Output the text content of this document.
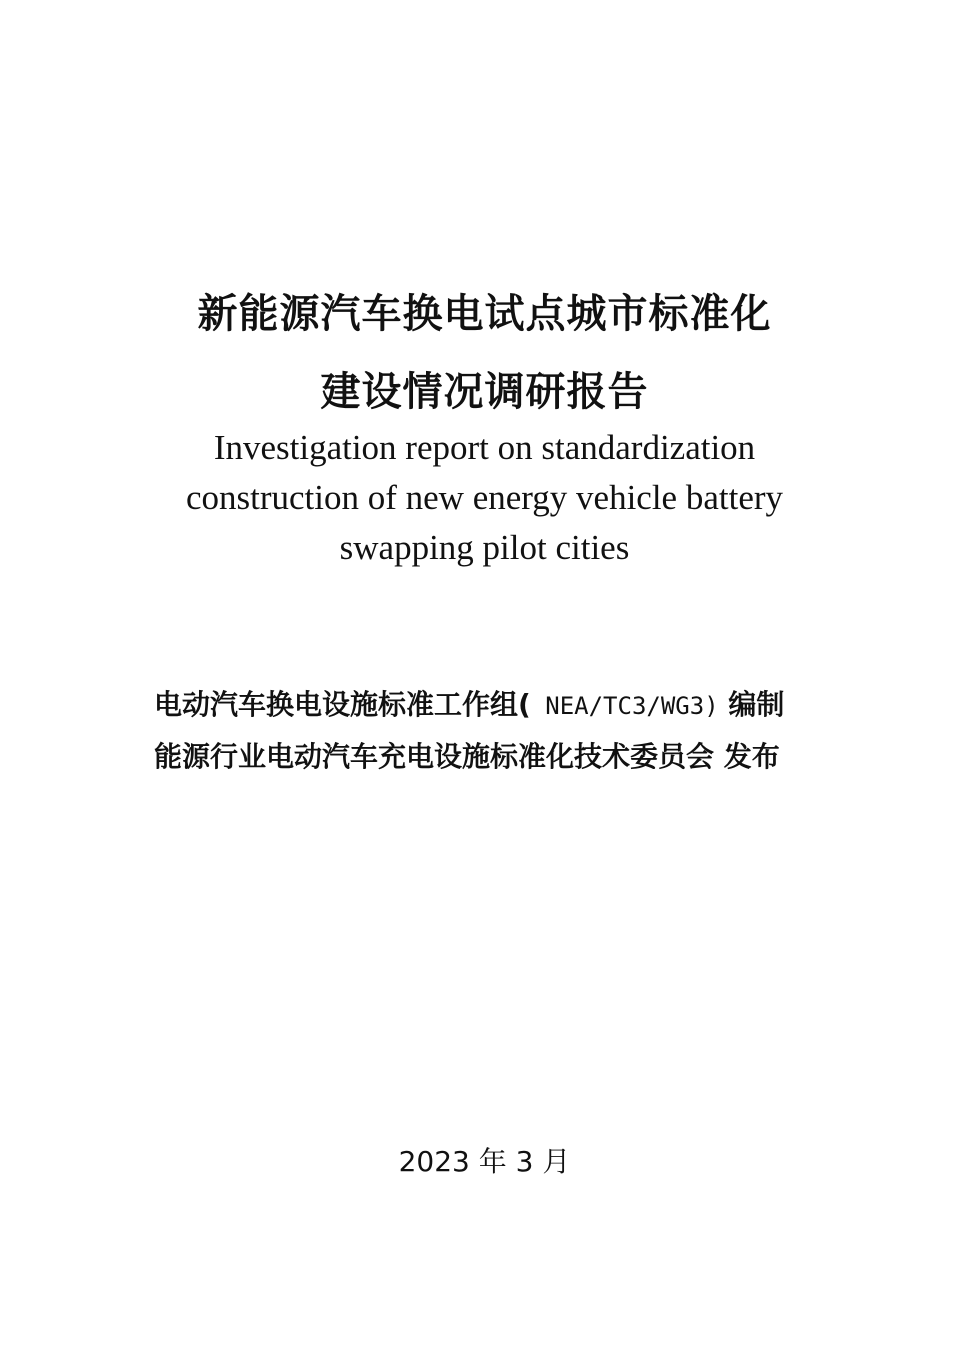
新能源汽车换电试点城市标准化
建设情况调研报告
Investigation report on standardization
construction of new energy vehicle battery
swapping pilot cities
电动汽车换电设施标准工作组( NEA/TC3/WG3) 编制
能源行业电动汽车充电设施标准化技术委员会 发布
2023 年 3 月
